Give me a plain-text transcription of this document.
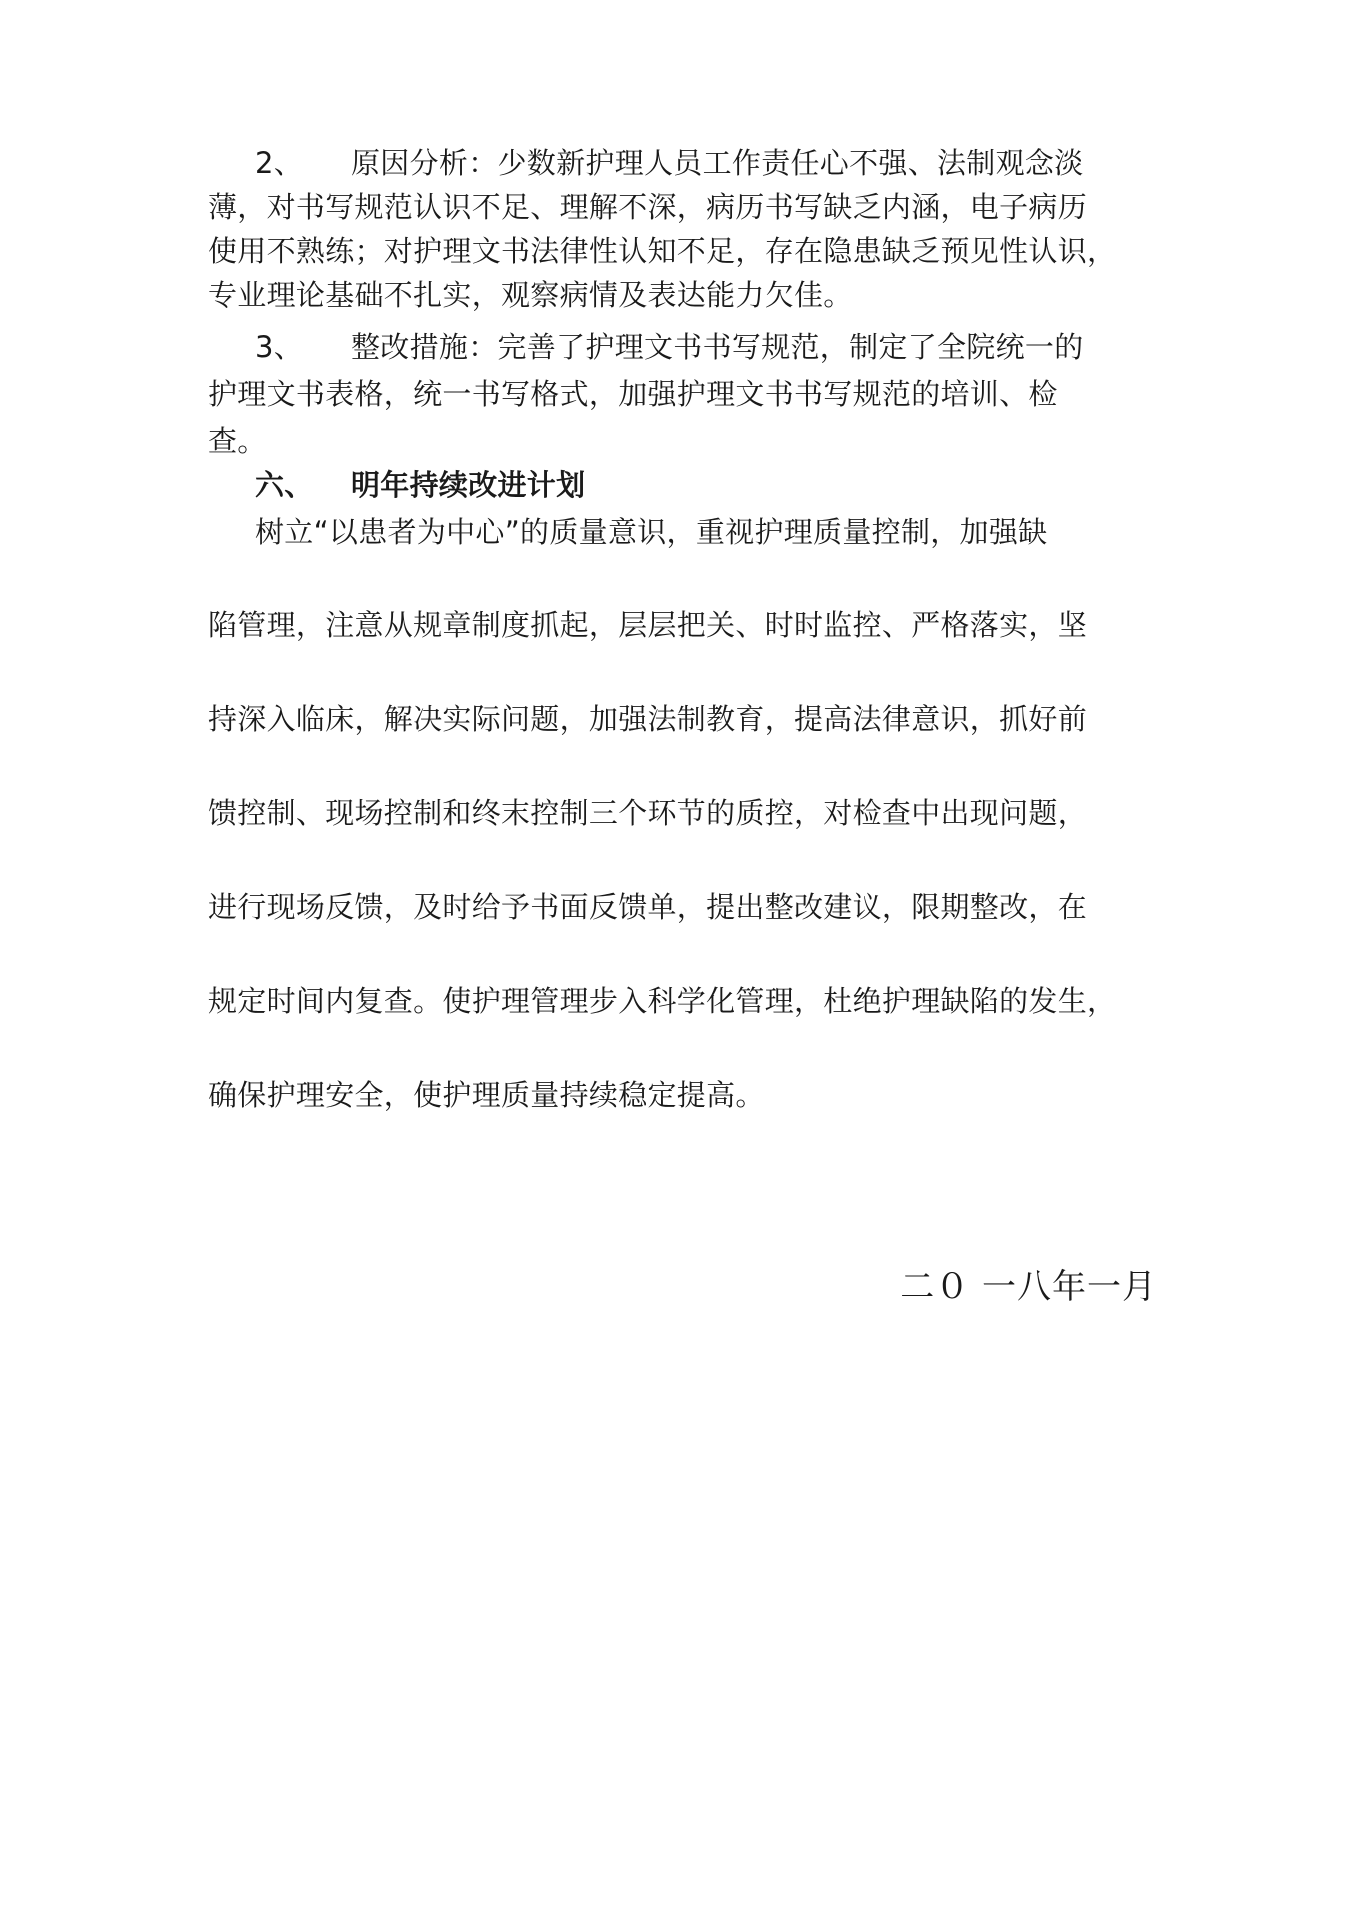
2、 原因分析：少数新护理人员工作责任心不强、法制观念淡
薄，对书写规范认识不足、理解不深，病历书写缺乏内涵，电子病历
使用不熟练；对护理文书法律性认知不足，存在隐患缺乏预见性认识，
专业理论基础不扎实，观察病情及表达能力欠佳。
3、 整改措施：完善了护理文书书写规范，制定了全院统一的
护理文书表格，统一书写格式，加强护理文书书写规范的培训、检
查。
六、 明年持续改进计划
树立“以患者为中心”的质量意识，重视护理质量控制，加强缺
陷管理，注意从规章制度抓起，层层把关、时时监控、严格落实，坚
持深入临床，解决实际问题，加强法制教育，提高法律意识，抓好前
馈控制、现场控制和终末控制三个环节的质控，对检查中出现问题，
进行现场反馈，及时给予书面反馈单，提出整改建议，限期整改，在
规定时间内复查。使护理管理步入科学化管理，杜绝护理缺陷的发生，
确保护理安全，使护理质量持续稳定提高。
二０ 一八年一月
